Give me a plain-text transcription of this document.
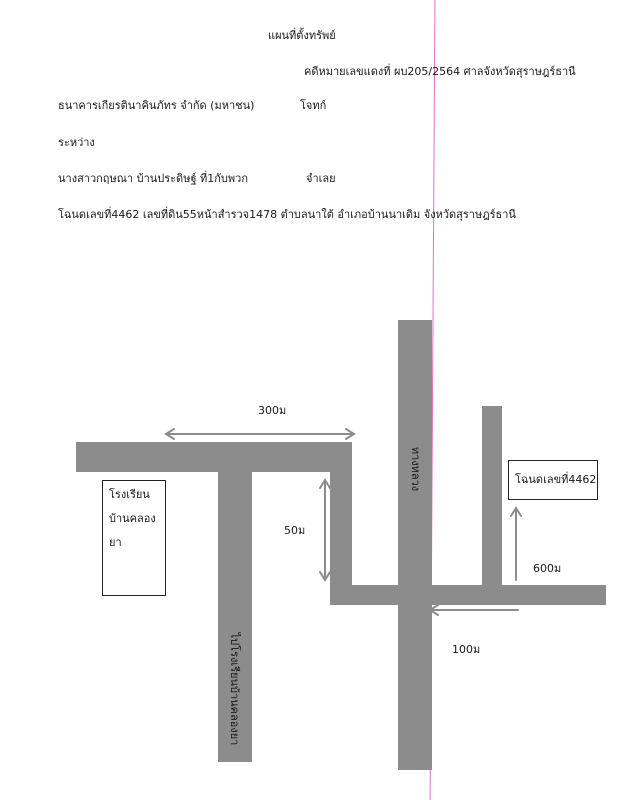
แผนที่ตั้งทรัพย์
คดีหมายเลขแดงที่ ผบ205/2564 ศาลจังหวัดสุราษฎร์ธานี
ธนาคารเกียรตินาคินภัทร จำกัด (มหาชน)	โจทก์
ระหว่าง
นางสาวกฤษณา บ้านประดิษฐ์ ที่1กับพวก	จำเลย
โฉนดเลขที่4462 เลขที่ดิน55หน้าสำรวจ1478 ตำบลนาใต้ อำเภอบ้านนาเดิม จังหวัดสุราษฎร์ธานี
ทางหลวง
ไปโรงเรียนบ้านคลองยา
โรงเรียน
บ้านคลอง
ยา
โฉนดเลขที่4462
300ม
50ม
600ม
100ม
